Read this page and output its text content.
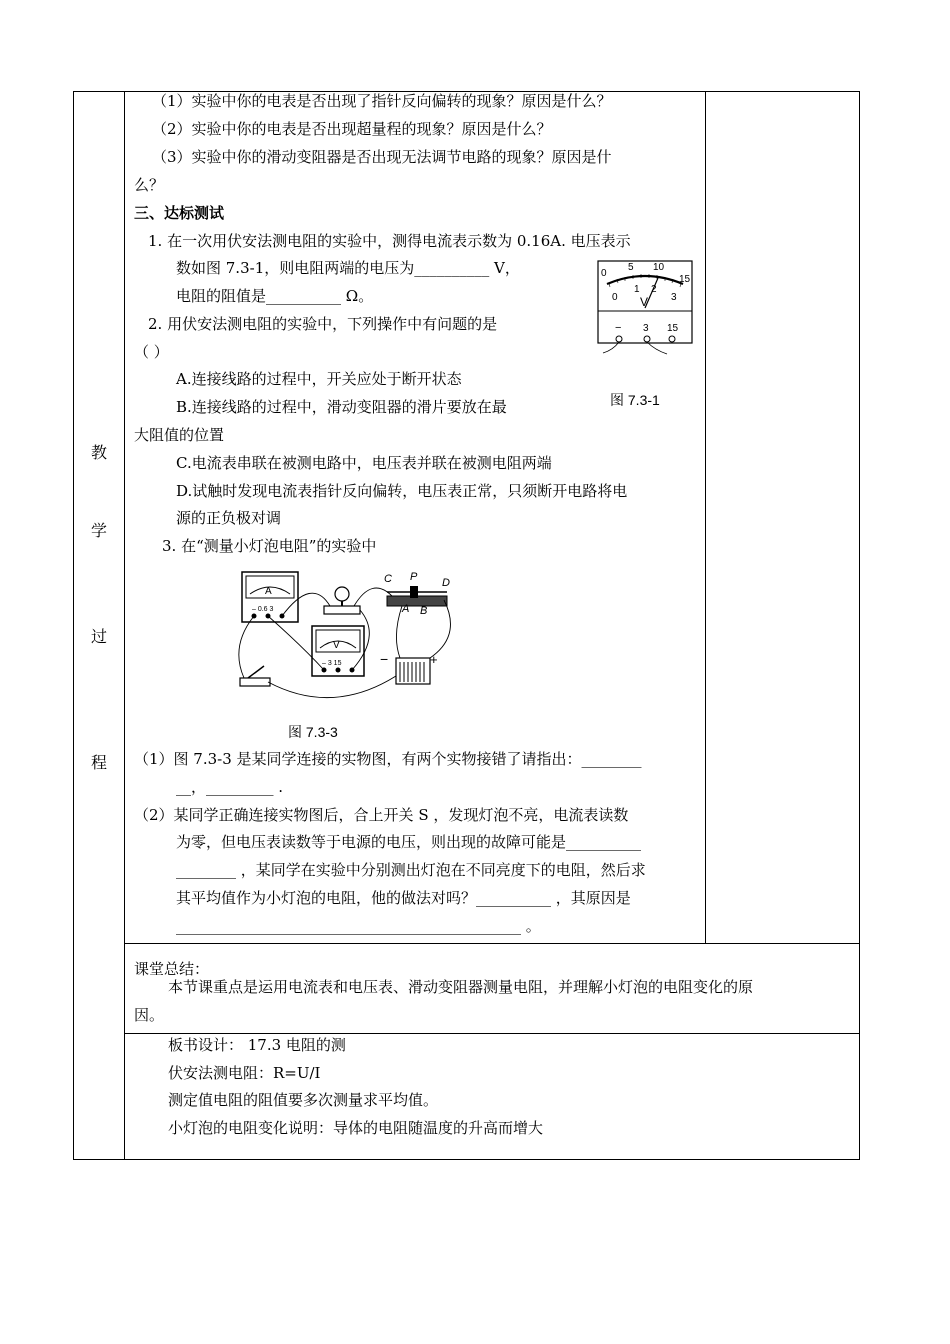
教
学
过
程
（1）实验中你的电表是否出现了指针反向偏转的现象？原因是什么？
（2）实验中你的电表是否出现超量程的现象？原因是什么？
（3）实验中你的滑动变阻器是否出现无法调节电路的现象？原因是什
么？
三、达标测试
1. 在一次用伏安法测电阻的实验中，测得电流表示数为 0.16A. 电压表示
数如图 7.3-1，则电阻两端的电压为__________ V，
电阻的阻值是__________ Ω。
0
5 10
15
0
1 2
3
V
− 3 15
图 7.3-1
2. 用伏安法测电阻的实验中，下列操作中有问题的是
（ ）
A.连接线路的过程中，开关应处于断开状态
B.连接线路的过程中，滑动变阻器的滑片要放在最
大阻值的位置
C.电流表串联在被测电路中，电压表并联在被测电阻两端
D.试触时发现电流表指针反向偏转，电压表正常，只须断开电路将电
源的正负极对调
3. 在“测量小灯泡电阻”的实验中
A
– 0.6 3
C P D
A B
V
– 3 15	−	+
图 7.3-3
（1）图 7.3-3 是某同学连接的实物图，有两个实物接错了请指出：________
__，_________ .
（2）某同学正确连接实物图后，合上开关 S ，发现灯泡不亮，电流表读数
为零，但电压表读数等于电源的电压，则出现的故障可能是__________
________ ，某同学在实验中分别测出灯泡在不同亮度下的电阻，然后求
其平均值作为小灯泡的电阻，他的做法对吗？__________ ，其原因是
______________________________________________ 。
课堂总结：
本节课重点是运用电流表和电压表、滑动变阻器测量电阻，并理解小灯泡的电阻变化的原
因。
板书设计： 17.3 电阻的测
伏安法测电阻：R=U/I
测定值电阻的阻值要多次测量求平均值。
小灯泡的电阻变化说明：导体的电阻随温度的升高而增大
